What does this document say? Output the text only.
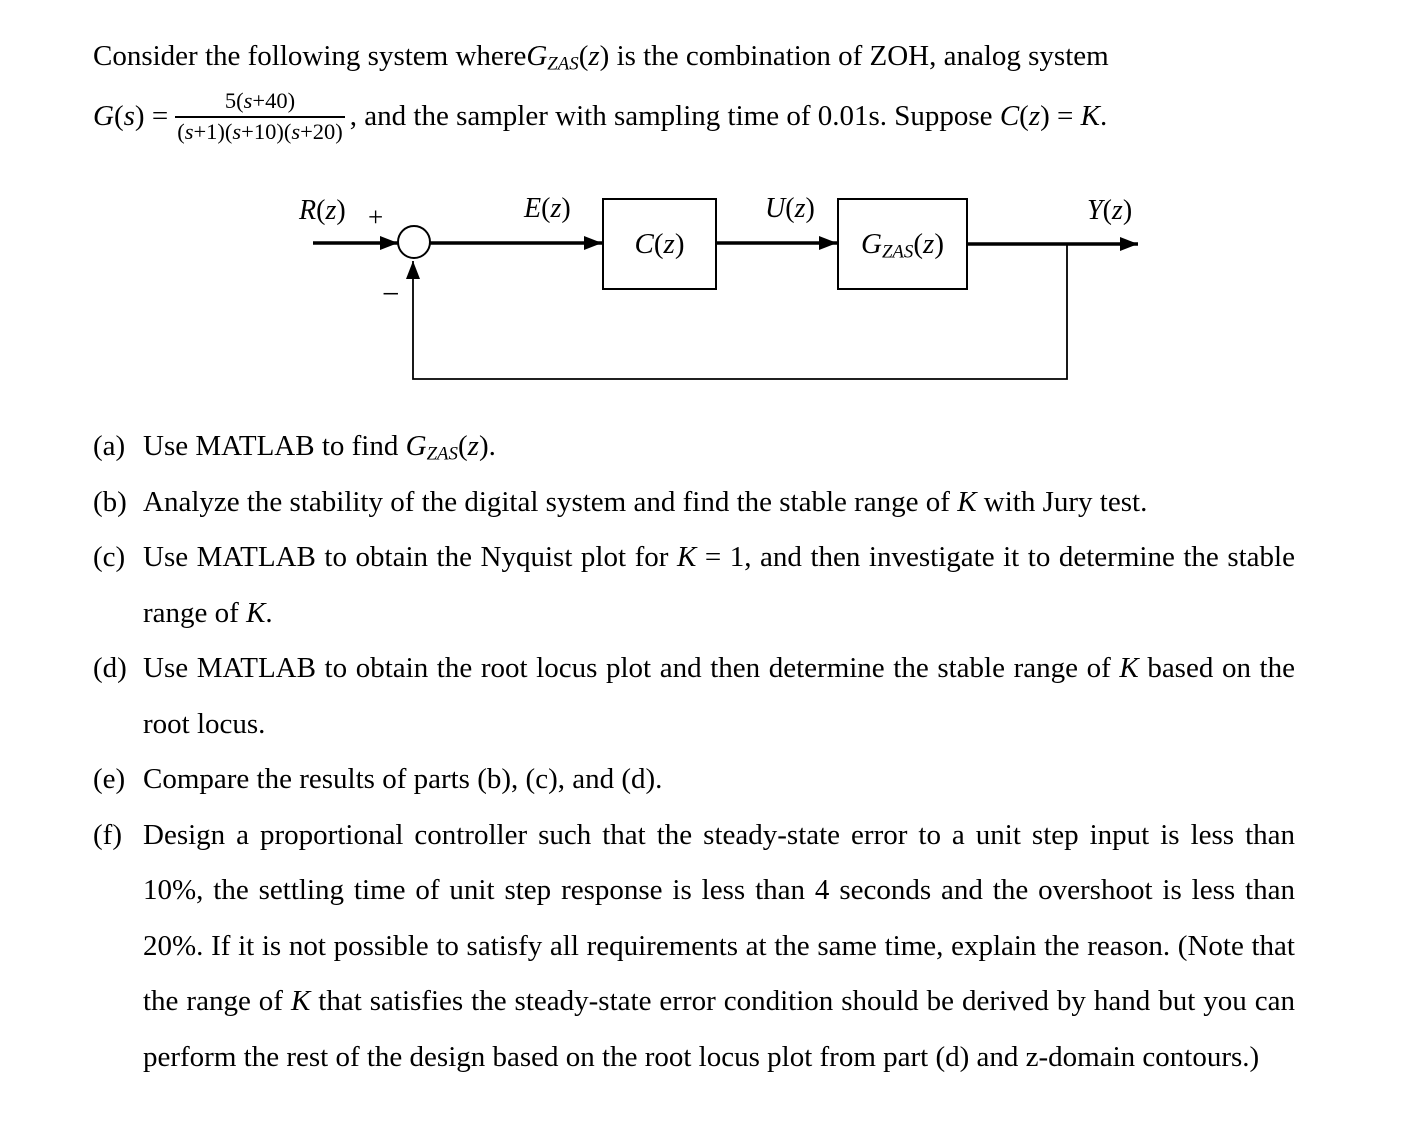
Consider the following system whereG$_{ZAS}$(z) is the combination of ZOH, analog system
$G(s) = \frac{5(s+40)}{(s+1)(s+10)(s+20)}$ , and the sampler with sampling time of 0.01s. Suppose C(z) = K.
R(z) +	E(z)	U(z)	Y(z)
−
C(z)	$G_{ZAS}(z)$
(a) Use MATLAB to find $G_{ZAS}(z)$.
(b) Analyze the stability of the digital system and find the stable range of K with Jury test.
(c) Use MATLAB to obtain the Nyquist plot for K = 1, and then investigate it to determine the stable range of K.
(d) Use MATLAB to obtain the root locus plot and then determine the stable range of K based on the root locus.
(e) Compare the results of parts (b), (c), and (d).
(f) Design a proportional controller such that the steady-state error to a unit step input is less than 10%, the settling time of unit step response is less than 4 seconds and the overshoot is less than 20%. If it is not possible to satisfy all requirements at the same time, explain the reason. (Note that the range of K that satisfies the steady-state error condition should be derived by hand but you can perform the rest of the design based on the root locus plot from part (d) and z-domain contours.)
